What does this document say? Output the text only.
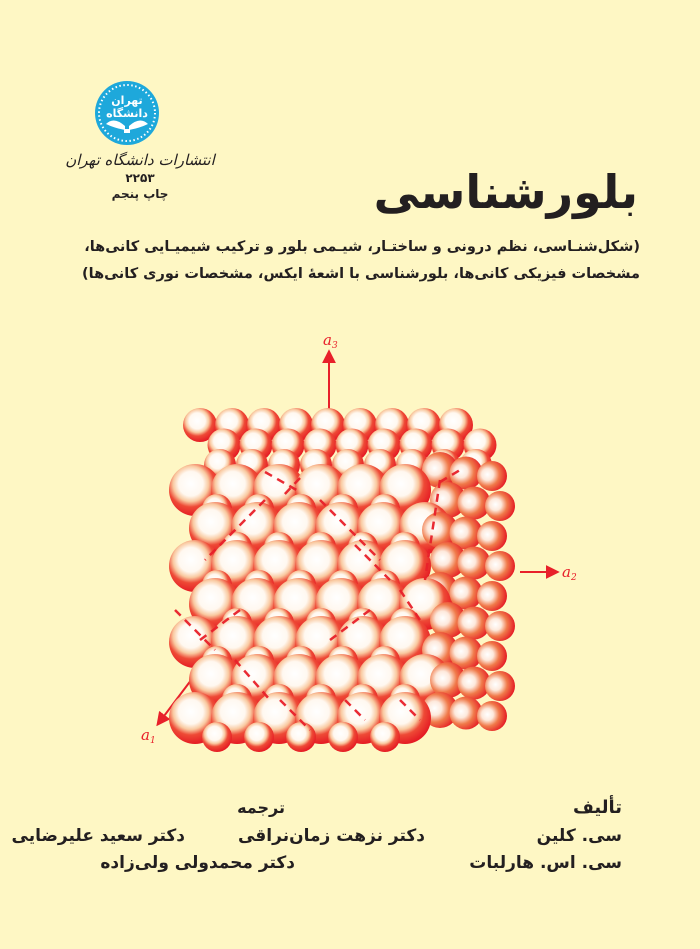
$a_3$
$a_2$
$a_1$
تهران
دانشگاه
انتشارات دانشگاه تهران
۲۲۵۳
چاپ پنجم	بلورشناسی
(شکل‌شنـاسی، نظم درونی و ساختـار، شیـمی بلور و ترکیب شیمیـایی کانی‌ها،
مشخصات فیزیکی کانی‌ها، بلورشناسی با اشعهٔ ایکس، مشخصات نوری کانی‌ها)
تألیف
سی. کلین
سی. اس. هارلبات
ترجمه
دکتر نزهت زمان‌نراقی
دکتر سعید علیرضایی
دکتر محمدولی ولی‌زاده
